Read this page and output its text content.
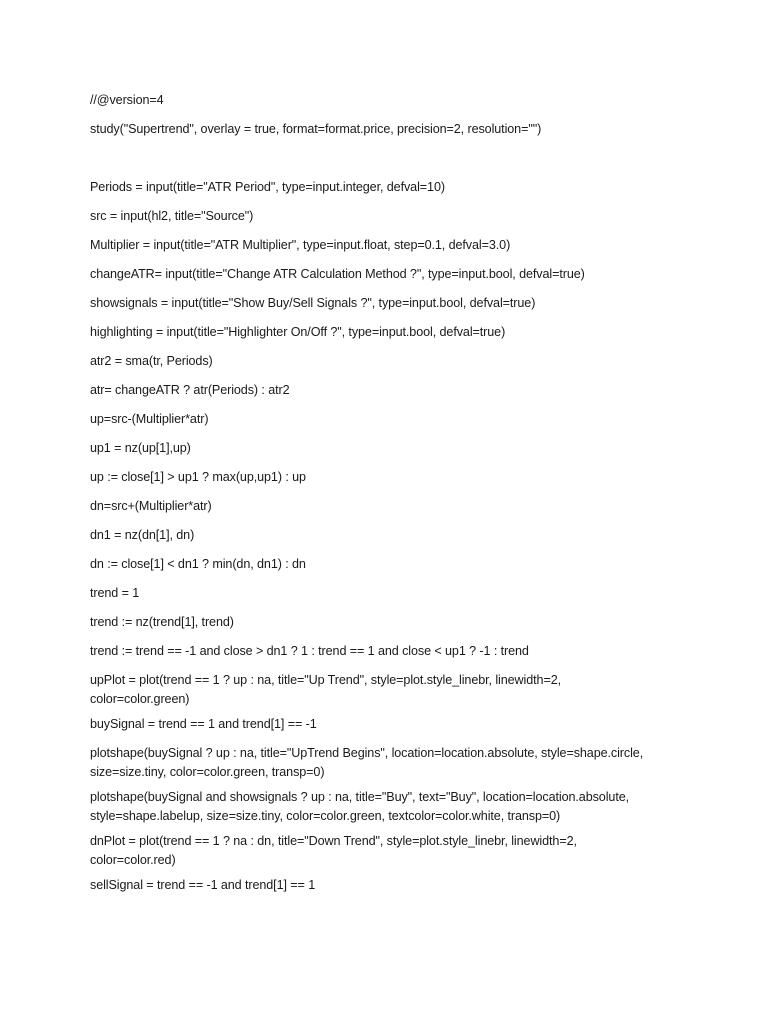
//@version=4
study("Supertrend", overlay = true, format=format.price, precision=2, resolution="")
Periods = input(title="ATR Period", type=input.integer, defval=10)
src = input(hl2, title="Source")
Multiplier = input(title="ATR Multiplier", type=input.float, step=0.1, defval=3.0)
changeATR= input(title="Change ATR Calculation Method ?", type=input.bool, defval=true)
showsignals = input(title="Show Buy/Sell Signals ?", type=input.bool, defval=true)
highlighting = input(title="Highlighter On/Off ?", type=input.bool, defval=true)
atr2 = sma(tr, Periods)
atr= changeATR ? atr(Periods) : atr2
up=src-(Multiplier*atr)
up1 = nz(up[1],up)
up := close[1] > up1 ? max(up,up1) : up
dn=src+(Multiplier*atr)
dn1 = nz(dn[1], dn)
dn := close[1] < dn1 ? min(dn, dn1) : dn
trend = 1
trend := nz(trend[1], trend)
trend := trend == -1 and close > dn1 ? 1 : trend == 1 and close < up1 ? -1 : trend
upPlot = plot(trend == 1 ? up : na, title="Up Trend", style=plot.style_linebr, linewidth=2,
color=color.green)
buySignal = trend == 1 and trend[1] == -1
plotshape(buySignal ? up : na, title="UpTrend Begins", location=location.absolute, style=shape.circle,
size=size.tiny, color=color.green, transp=0)
plotshape(buySignal and showsignals ? up : na, title="Buy", text="Buy", location=location.absolute,
style=shape.labelup, size=size.tiny, color=color.green, textcolor=color.white, transp=0)
dnPlot = plot(trend == 1 ? na : dn, title="Down Trend", style=plot.style_linebr, linewidth=2,
color=color.red)
sellSignal = trend == -1 and trend[1] == 1
